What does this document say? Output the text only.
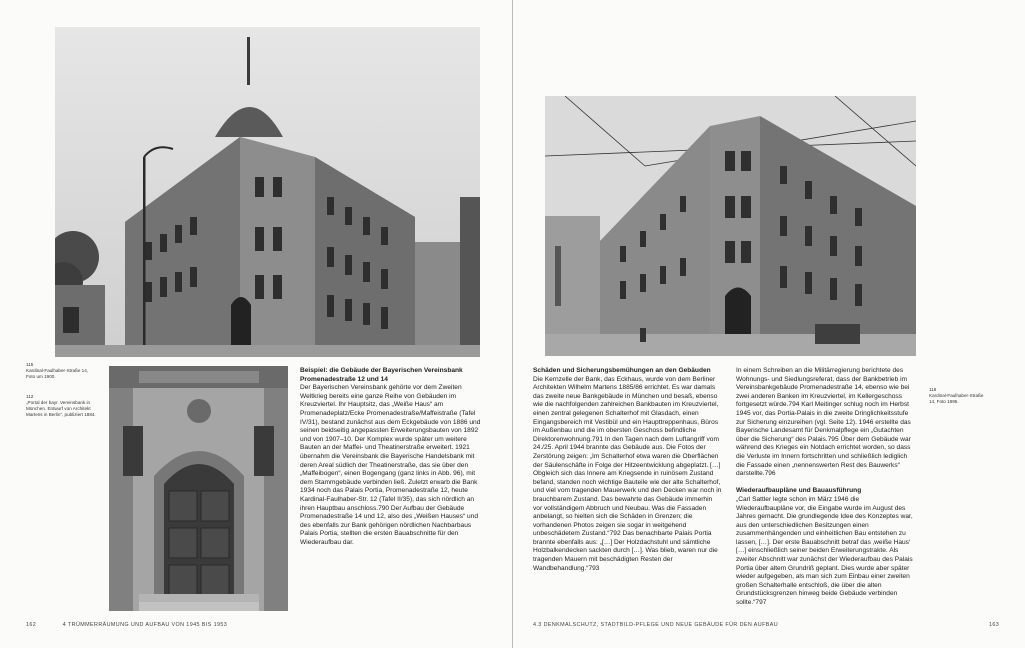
115
Kardinal-Faulhaber-Straße 14, Foto um 1900.
112
„Portal der bayr. Vereinsbank in München. Entwurf von Architekt Martens in Berlin“, publiziert 1884.
Beispiel: die Gebäude der Bayerischen Vereinsbank Promenadestraße 12 und 14

Der Bayerischen Vereinsbank gehörte vor dem Zweiten Weltkrieg bereits eine ganze Reihe von Gebäuden im Kreuzviertel. Ihr Hauptsitz, das „Weiße Haus“ am Promenadeplatz/Ecke Promenadestraße/Maffeistraße (Tafel IV/31), bestand zunächst aus dem Eckgebäude von 1886 und seinen beidseitig angepassten Erweiterungsbauten von 1892 und von 1907–10. Der Komplex wurde später um weitere Bauten an der Maffei- und Theatinerstraße erweitert. 1921 übernahm die Vereinsbank die Bayerische Handelsbank mit deren Areal südlich der Theatinerstraße, das sie über den „Maffeibogen“, einen Bogengang (ganz links in Abb. 96), mit dem Stammgebäude verbinden ließ. Zuletzt erwarb die Bank 1934 noch das Palais Portia, Promenadestraße 12, heute Kardinal-Faulhaber-Str. 12 (Tafel II/35), das sich nördlich an ihren Hauptbau anschloss.790 Der Aufbau der Gebäude Promenadestraße 14 und 12, also des „Weißen Hauses“ und des ebenfalls zur Bank gehörigen nördlichen Nachbarbaus Palais Portia, stellten die ersten Bauabschnitte für den Wiederaufbau dar.

162	4 TRÜMMERRÄUMUNG UND AUFBAU VON 1945 BIS 1953
118
Kardinal-Faulhaber-Straße 14, Foto 1895.
Schäden und Sicherungsbemühungen an den Gebäuden

Die Kernzelle der Bank, das Eckhaus, wurde von dem Berliner Architekten Wilhelm Martens 1885/86 errichtet. Es war damals das zweite neue Bankgebäude in München und besaß, ebenso wie die nachfolgenden zahlreichen Bankbauten im Kreuzviertel, einen zentral gelegenen Schalterhof mit Glasdach, einen Eingangsbereich mit Vestibül und ein Haupttreppenhaus, Büros im Außenbau und die im obersten Geschoss befindliche Direktorenwohnung.791 In den Tagen nach dem Luftangriff vom 24./25. April 1944 brannte das Gebäude aus. Die Fotos der Zerstörung zeigen: „Im Schalterhof etwa waren die Oberflächen der Säulenschäfte in Folge der Hitzeentwicklung abgeplatzt. […] Obgleich sich das Innere am Kriegsende in ruinösem Zustand befand, standen noch wichtige Bauteile wie der alte Schalterhof, und viel vom tragenden Mauerwerk und den Decken war noch in brauchbarem Zustand. Das bewahrte das Gebäude immerhin vor vollständigem Abbruch und Neubau. Was die Fassaden anbelangt, so hielten sich die Schäden in Grenzen; die vorhandenen Photos zeigen sie sogar in weitgehend unbeschädetem Zustand.“792 Das benachbarte Palais Portia brannte ebenfalls aus: „[…] Der Holzdachstuhl und sämtliche Holzbalkendecken sackten durch […]. Was blieb, waren nur die tragenden Mauern mit beschädigten Resten der Wandbehandlung.“793

In einem Schreiben an die Militärregierung berichtete des Wohnungs- und Siedlungsreferat, dass der Bankbetrieb im Vereinsbankgebäude Promenadestraße 14, ebenso wie bei zwei anderen Banken im Kreuzviertel, im Kellergeschoss fortgesetzt würde.794 Karl Meitinger schlug noch im Herbst 1945 vor, das Portia-Palais in die zweite Dringlichkeitsstufe zur Sicherung einzureihen (vgl. Seite 12). 1946 erstellte das Bayerische Landesamt für Denkmalpflege ein „Gutachten über die Sicherung“ des Palais.795 Über dem Gebäude war während des Krieges ein Notdach errichtet worden, so dass die Verluste im Innern fortschritten und schließlich lediglich die Fassade einen „nennenswerten Rest des Bauwerks“ darstellte.796

Wiederaufbaupläne und Bauausführung

„Carl Sattler legte schon im März 1946 die Wiederaufbaupläne vor, die Eingabe wurde im August des Jahres gemacht. Die grundlegende Idee des Konzeptes war, aus den unterschiedlichen Besitzungen einen zusammenhängenden und einheitlichen Bau entstehen zu lassen, […]. Der erste Bauabschnitt betraf das ‚weiße Haus‘ […] einschließlich seiner beiden Erweiterungstrakte. Als zweiter Abschnitt war zunächst der Wiederaufbau des Palais Portia über altem Grundriß geplant. Dies wurde aber später wieder aufgegeben, als man sich zum Einbau einer zweiten großen Schalterhalle entschloß, die über die alten Grundstücksgrenzen hinweg beide Gebäude verbinden sollte.“797

4.3 DENKMALSCHUTZ, STADTBILD-PFLEGE UND NEUE GEBÄUDE FÜR DEN AUFBAU	163
